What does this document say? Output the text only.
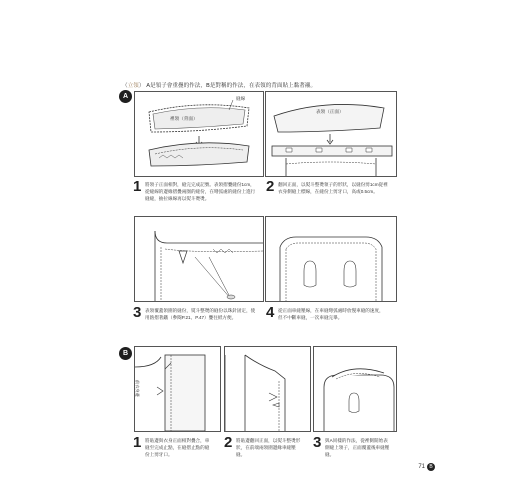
（立領） A是領子會重疊的作法，B是對稱的作法，在表領的背面貼上黏著襯。
A	縫線
裡領（背面）
表領（正面）
1 將領子正面相對，縫完完成記號。表領摺疊縫份1cm，
從縫線的邊緣摺疊兩圈的縫份，在彎弧處的縫份上進行
縫縫，抽拉線線再以熨斗燙燙。
2 翻回正面，以熨斗整燙領子的形狀，以縫份剪1cm從裡
衣身側縫上標線，在縫份上剪牙口，高或0.5cm。
3 表領覆蓋領圍的縫份，熨斗整燙的縫份以珠針固定，使
用熱摺著鐵（參閱P.21、P.47）疊往紙方便。	4 從正面車縫壓線，在車縫彎弧處時放慢車縫的速度，
但不中斷車縫，一次車縫完畢。
B
前衣身邊
1 將貼邊與衣身正面相對疊合，車
縫至完成止點，在縫摺止點的縫
份上剪牙口。
2 將貼邊翻回正面，以熨斗整燙形
狀，在前端兩領圍邊緣車縫壓
縫。
3 與A同樣的作法，從裡側開始表
側縫上領子，正面覆蓋後車縫壓
縫。
71 B
